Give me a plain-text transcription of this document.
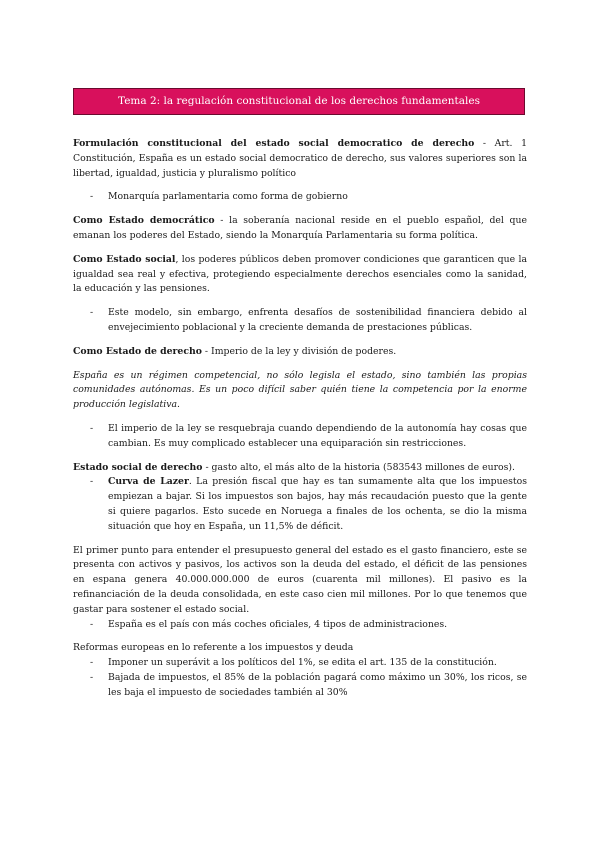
Tema 2: la regulación constitucional de los derechos fundamentales

Formulación constitucional del estado social democratico de derecho - Art. 1 Constitución, España es un estado social democratico de derecho, sus valores superiores son la libertad, igualdad, justicia y pluralismo político

- Monarquía parlamentaria como forma de gobierno

Como Estado democrático - la soberanía nacional reside en el pueblo español, del que emanan los poderes del Estado, siendo la Monarquía Parlamentaria su forma política.

Como Estado social, los poderes públicos deben promover condiciones que garanticen que la igualdad sea real y efectiva, protegiendo especialmente derechos esenciales como la sanidad, la educación y las pensiones.

- Este modelo, sin embargo, enfrenta desafíos de sostenibilidad financiera debido al envejecimiento poblacional y la creciente demanda de prestaciones públicas.

Como Estado de derecho - Imperio de la ley y división de poderes.

España es un régimen competencial, no sólo legisla el estado, sino también las propias comunidades autónomas. Es un poco difícil saber quién tiene la competencia por la enorme producción legislativa.

- El imperio de la ley se resquebraja cuando dependiendo de la autonomía hay cosas que cambian. Es muy complicado establecer una equiparación sin restricciones.

Estado social de derecho - gasto alto, el más alto de la historia (583543 millones de euros).

- Curva de Lazer. La presión fiscal que hay es tan sumamente alta que los impuestos empiezan a bajar. Si los impuestos son bajos, hay más recaudación puesto que la gente si quiere pagarlos. Esto sucede en Noruega a finales de los ochenta, se dio la misma situación que hoy en España, un 11,5% de déficit.

El primer punto para entender el presupuesto general del estado es el gasto financiero, este se presenta con activos y pasivos, los activos son la deuda del estado, el déficit de las pensiones en espana genera 40.000.000.000 de euros (cuarenta mil millones). El pasivo es la refinanciación de la deuda consolidada, en este caso cien mil millones. Por lo que tenemos que gastar para sostener el estado social.

- España es el país con más coches oficiales, 4 tipos de administraciones.

Reformas europeas en lo referente a los impuestos y deuda

- Imponer un superávit a los políticos del 1%, se edita el art. 135 de la constitución.
- Bajada de impuestos, el 85% de la población pagará como máximo un 30%, los ricos, se les baja el impuesto de sociedades también al 30%
